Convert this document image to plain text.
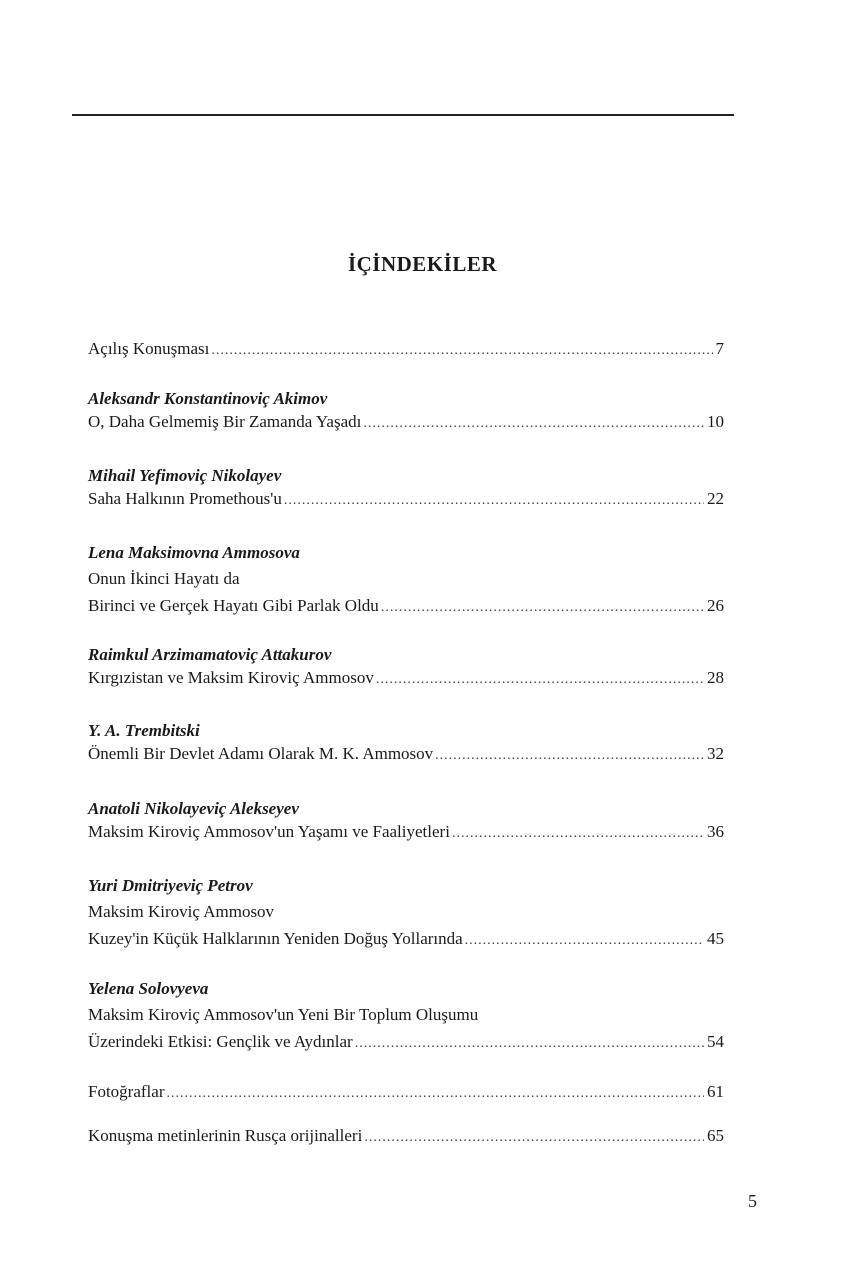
İÇİNDEKİLER
Açılış Konuşması .....	7
Aleksandr Konstantinoviç Akimov
O, Daha Gelmemiş Bir Zamanda Yaşadı .....	10
Mihail Yefimoviç Nikolayev
Saha Halkının Promethous'u .....	22
Lena Maksimovna Ammosova
Onun İkinci Hayatı da
Birinci ve Gerçek Hayatı Gibi Parlak Oldu .....	26
Raimkul Arzimamatoviç Attakurov
Kırgızistan ve Maksim Kiroviç Ammosov .....	28
Y. A. Trembitski
Önemli Bir Devlet Adamı Olarak M. K. Ammosov .....	32
Anatoli Nikolayeviç Alekseyev
Maksim Kiroviç Ammosov'un Yaşamı ve Faaliyetleri .....	36
Yuri Dmitriyeviç Petrov
Maksim Kiroviç Ammosov
Kuzey'in Küçük Halklarının Yeniden Doğuş Yollarında .....	45
Yelena Solovyeva
Maksim Kiroviç Ammosov'un Yeni Bir Toplum Oluşumu
Üzerindeki Etkisi: Gençlik ve Aydınlar .....	54
Fotoğraflar .....	61
Konuşma metinlerinin Rusça orijinalleri .....	65
5
